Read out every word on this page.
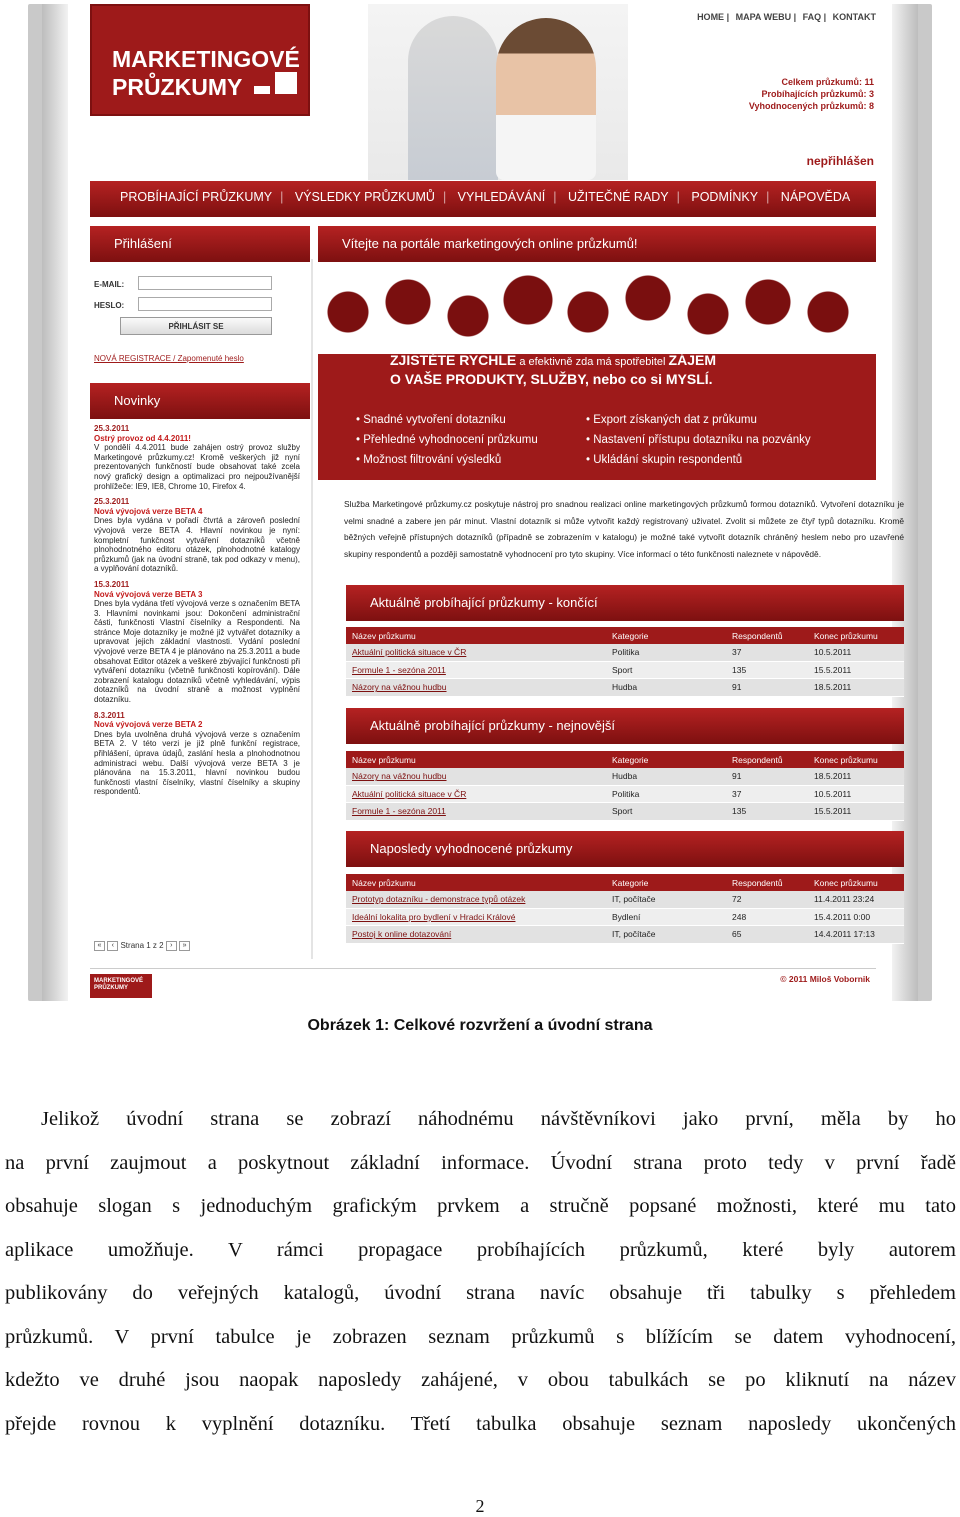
MARKETINGOVÉ
PRŮZKUMY
HOME | MAPA WEBU | FAQ | KONTAKT
Celkem průzkumů: 11
Probíhajících průzkumů: 3
Vyhodnocených průzkumů: 8
nepřihlášen
PROBÍHAJÍCÍ PRŮZKUMY | VÝSLEDKY PRŮZKUMŮ | VYHLEDÁVÁNÍ | UŽITEČNÉ RADY | PODMÍNKY | NÁPOVĚDA
Přihlášení	Vítejte na portále marketingových online průzkumů!
E-MAIL:
HESLO:
PŘIHLÁSIT SE
NOVÁ REGISTRACE / Zapomenuté heslo
Novinky
25.3.2011
Ostrý provoz od 4.4.2011!

V pondělí 4.4.2011 bude zahájen ostrý provoz služby Marketingové průzkumy.cz! Kromě veškerých již nyní prezentovaných funkčností bude obsahovat také zcela nový grafický design a optimalizaci pro nejpoužívanější prohlížeče: IE9, IE8, Chrome 10, Firefox 4.

25.3.2011
Nová vývojová verze BETA 4

Dnes byla vydána v pořadí čtvrtá a zároveň poslední vývojová verze BETA 4. Hlavní novinkou je nyní: kompletní funkčnost vytváření dotazníků včetně plnohodnotného editoru otázek, plnohodnotné katalogy průzkumů (jak na úvodní straně, tak pod odkazy v menu), a vyplňování dotazníků.

15.3.2011
Nová vývojová verze BETA 3

Dnes byla vydána třetí vývojová verze s označením BETA 3. Hlavními novinkami jsou: Dokončení administrační části, funkčnosti Vlastní číselníky a Respondenti. Na stránce Moje dotazníky je možné již vytvářet dotazníky a upravovat jejich základní vlastnosti. Vydání poslední vývojové verze BETA 4 je plánováno na 25.3.2011 a bude obsahovat Editor otázek a veškeré zbývající funkčnosti při vytváření dotazníku (včetně funkčnosti kopírování). Dále zobrazení katalogu dotazníků včetně vyhledávání, výpis dotazníků na úvodní straně a možnost vyplnění dotazníku.

8.3.2011
Nová vývojová verze BETA 2

Dnes byla uvolněna druhá vývojová verze s označením BETA 2. V této verzi je již plně funkční registrace, přihlášení, úprava údajů, zaslání hesla a plnohodnotnou administraci webu. Další vývojová verze BETA 3 je plánována na 15.3.2011, hlavní novinkou budou funkčnosti vlastní číselníky, vlastní číselníky a skupiny respondentů.

« ‹ Strana 1 z 2 › »
ZJISTĚTE RYCHLE a efektivně zda má spotřebitel ZÁJEM
O VAŠE PRODUKTY, SLUŽBY, nebo co si MYSLÍ.
• Snadné vytvoření dotazníku
• Přehledné vyhodnocení průzkumu
• Možnost filtrování výsledků
• Export získaných dat z průkumu
• Nastavení přístupu dotazníku na pozvánky
• Ukládání skupin respondentů
Služba Marketingové průzkumy.cz poskytuje nástroj pro snadnou realizaci online marketingových průzkumů formou dotazníků. Vytvoření dotazníku je velmi snadné a zabere jen pár minut. Vlastní dotazník si může vytvořit každý registrovaný uživatel. Zvolit si můžete ze čtyř typů dotazníku. Kromě běžných veřejně přístupných dotazníků (případně se zobrazením v katalogu) je možné také vytvořit dotazník chráněný heslem nebo pro uzavřené skupiny respondentů a později samostatně vyhodnocení pro tyto skupiny. Více informací o této funkčnosti naleznete v nápovědě.
Aktuálně probíhající průzkumy - končící
Název průzkumu	Kategorie	Respondentů	Konec průzkumu
Aktuální politická situace v ČR	Politika	37	10.5.2011
Formule 1 - sezóna 2011	Sport	135	15.5.2011
Názory na vážnou hudbu	Hudba	91	18.5.2011
Aktuálně probíhající průzkumy - nejnovější
Název průzkumu	Kategorie	Respondentů	Konec průzkumu
Názory na vážnou hudbu	Hudba	91	18.5.2011
Aktuální politická situace v ČR	Politika	37	10.5.2011
Formule 1 - sezóna 2011	Sport	135	15.5.2011
Naposledy vyhodnocené průzkumy
Název průzkumu	Kategorie	Respondentů	Konec průzkumu
Prototyp dotazníku - demonstrace typů otázek	IT, počítače	72	11.4.2011 23:24
Ideální lokalita pro bydlení v Hradci Králové	Bydlení	248	15.4.2011 0:00
Postoj k online dotazování	IT, počítače	65	14.4.2011 17:13
MARKETINGOVÉ
PRŮZKUMY
© 2011 Miloš Vobornik
Obrázek 1: Celkové rozvržení a úvodní strana
Jelikož úvodní strana se zobrazí náhodnému návštěvníkovi jako první, měla by ho
na první zaujmout a poskytnout základní informace. Úvodní strana proto tedy v první řadě
obsahuje slogan s jednoduchým grafickým prvkem a stručně popsané možnosti, které mu tato
aplikace umožňuje. V rámci propagace probíhajících průzkumů, které byly autorem
publikovány do veřejných katalogů, úvodní strana navíc obsahuje tři tabulky s přehledem
průzkumů. V první tabulce je zobrazen seznam průzkumů s blížícím se datem vyhodnocení,
kdežto ve druhé jsou naopak naposledy zahájené, v obou tabulkách se po kliknutí na název
přejde rovnou k vyplnění dotazníku. Třetí tabulka obsahuje seznam naposledy ukončených
2
